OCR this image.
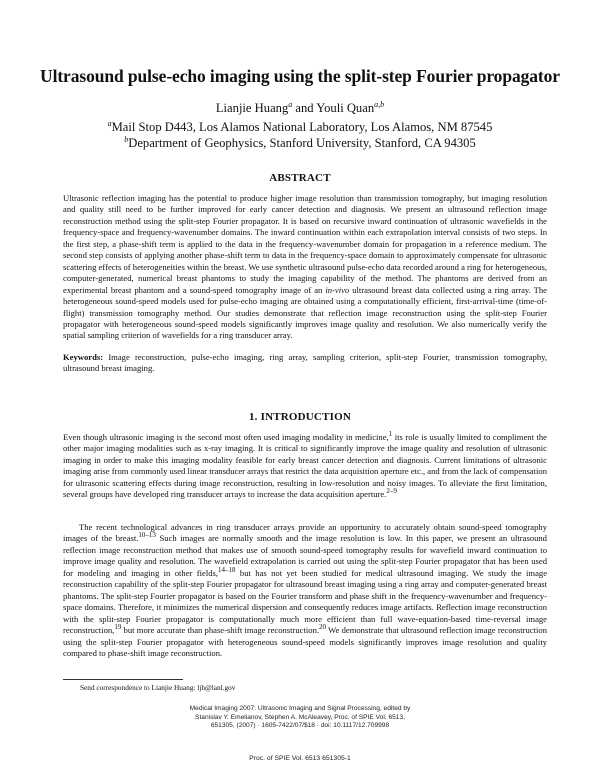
Ultrasound pulse-echo imaging using the split-step Fourier propagator
Lianjie Huang$^a$ and Youli Quan$^{a,b}$
$^a$Mail Stop D443, Los Alamos National Laboratory, Los Alamos, NM 87545
$^b$Department of Geophysics, Stanford University, Stanford, CA 94305
ABSTRACT
Ultrasonic reflection imaging has the potential to produce higher image resolution than transmission tomography, but imaging resolution and quality still need to be further improved for early cancer detection and diagnosis. We present an ultrasound reflection image reconstruction method using the split-step Fourier propagator. It is based on recursive inward continuation of ultrasonic wavefields in the frequency-space and frequency-wavenumber domains. The inward continuation within each extrapolation interval consists of two steps. In the first step, a phase-shift term is applied to the data in the frequency-wavenumber domain for propagation in a reference medium. The second step consists of applying another phase-shift term to data in the frequency-space domain to approximately compensate for ultrasonic scattering effects of heterogeneities within the breast. We use synthetic ultrasound pulse-echo data recorded around a ring for heterogeneous, computer-generated, numerical breast phantoms to study the imaging capability of the method. The phantoms are derived from an experimental breast phantom and a sound-speed tomography image of an in-vivo ultrasound breast data collected using a ring array. The heterogeneous sound-speed models used for pulse-echo imaging are obtained using a computationally efficient, first-arrival-time (time-of-flight) transmission tomography method. Our studies demonstrate that reflection image reconstruction using the split-step Fourier propagator with heterogeneous sound-speed models significantly improves image quality and resolution. We also numerically verify the spatial sampling criterion of wavefields for a ring transducer array.
Keywords: Image reconstruction, pulse-echo imaging, ring array, sampling criterion, split-step Fourier, transmission tomography, ultrasound breast imaging.
1. INTRODUCTION
Even though ultrasonic imaging is the second most often used imaging modality in medicine,$^1$ its role is usually limited to compliment the other major imaging modalities such as x-ray imaging. It is critical to significantly improve the image quality and resolution of ultrasonic imaging in order to make this imaging modality feasible for early breast cancer detection and diagnosis. Current limitations of ultrasonic imaging arise from commonly used linear transducer arrays that restrict the data acquisition aperture etc., and from the lack of compensation for ultrasonic scattering effects during image reconstruction, resulting in low-resolution and noisy images. To alleviate the first limitation, several groups have developed ring transducer arrays to increase the data acquisition aperture.$^{2-9}$
The recent technological advances in ring transducer arrays provide an opportunity to accurately obtain sound-speed tomography images of the breast.$^{10-13}$ Such images are normally smooth and the image resolution is low. In this paper, we present an ultrasound reflection image reconstruction method that makes use of smooth sound-speed tomography results for wavefield inward continuation to improve image quality and resolution. The wavefield extrapolation is carried out using the split-step Fourier propagator that has been used for modeling and imaging in other fields,$^{14-18}$ but has not yet been studied for medical ultrasound imaging. We study the image reconstruction capability of the split-step Fourier propagator for ultrasound breast imaging using a ring array and computer-generated breast phantoms. The split-step Fourier propagator is based on the Fourier transform and phase shift in the frequency-wavenumber and frequency-space domains. Therefore, it minimizes the numerical dispersion and consequently reduces image artifacts. Reflection image reconstruction with the split-step Fourier propagator is computationally much more efficient than full wave-equation-based time-reversal image reconstruction,$^{19}$ but more accurate than phase-shift image reconstruction.$^{20}$ We demonstrate that ultrasound reflection image reconstruction using the split-step Fourier propagator with heterogeneous sound-speed models significantly improves image resolution and quality compared to phase-shift image reconstruction.
Send correspondence to Lianjie Huang: ljh@lanl.gov
Medical Imaging 2007: Ultrasonic Imaging and Signal Processing, edited by
Stanislav Y. Emelianov, Stephen A. McAleavey, Proc. of SPIE Vol. 6513,
651305, (2007) · 1605-7422/07/$18 · doi: 10.1117/12.709998
Proc. of SPIE Vol. 6513 651305-1
